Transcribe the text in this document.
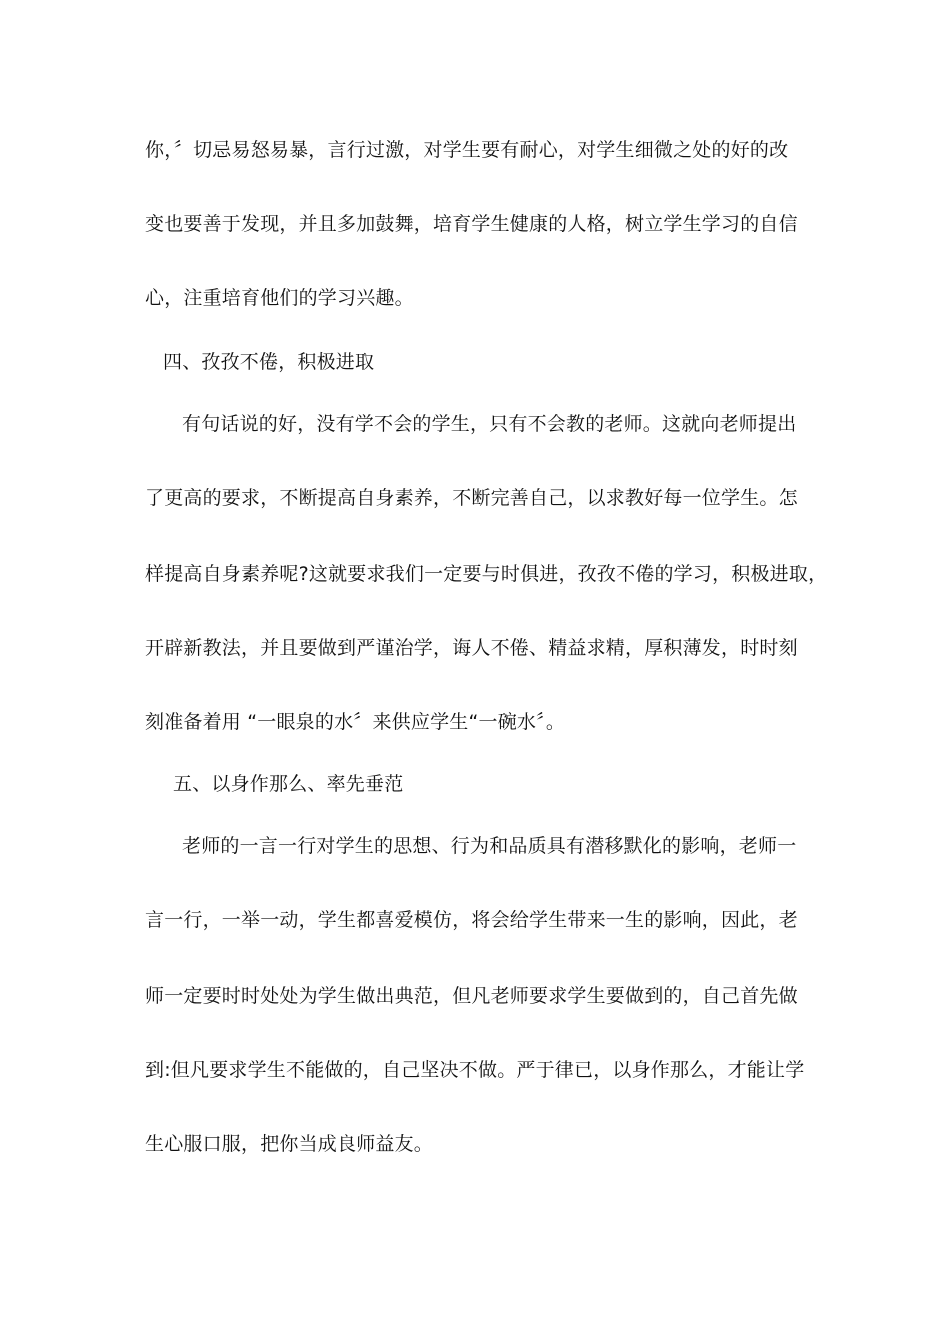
你，〞切忌易怒易暴，言行过激，对学生要有耐心，对学生细微之处的好的改
变也要善于发现，并且多加鼓舞，培育学生健康的人格，树立学生学习的自信
心，注重培育他们的学习兴趣。
四、孜孜不倦，积极进取
有句话说的好，没有学不会的学生，只有不会教的老师。这就向老师提出
了更高的要求，不断提高自身素养，不断完善自己，以求教好每一位学生。怎
样提高自身素养呢?这就要求我们一定要与时俱进，孜孜不倦的学习，积极进取，
开辟新教法，并且要做到严谨治学，诲人不倦、精益求精，厚积薄发，时时刻
刻准备着用 “一眼泉的水〞来供应学生“一碗水〞。
五、以身作那么、率先垂范
老师的一言一行对学生的思想、行为和品质具有潜移默化的影响，老师一
言一行，一举一动，学生都喜爱模仿，将会给学生带来一生的影响，因此，老
师一定要时时处处为学生做出典范，但凡老师要求学生要做到的，自己首先做
到:但凡要求学生不能做的，自己坚决不做。严于律已，以身作那么，才能让学
生心服口服，把你当成良师益友。
